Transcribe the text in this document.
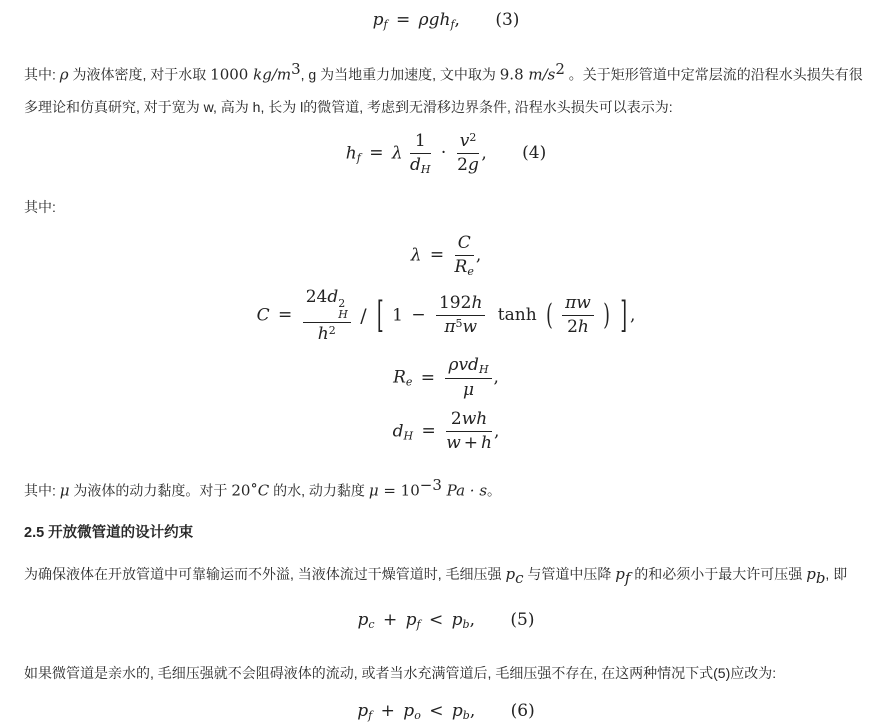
$p_f = \rho gh_f$, (3)

其中: ρ 为液体密度, 对于水取 1000 $kg/m^3$, g 为当地重力加速度, 文中取为 9.8 $m/s^2$ 。关于矩形管道中定常层流的沿程水头损失有很多理论和仿真研究, 对于宽为 w, 高为 h, 长为 l的微管道, 考虑到无滑移边界条件, 沿程水头损失可以表示为:

$h_f = \lambda \frac{1}{d_H} \cdot \frac{v^2}{2g}$ , (4)

其中:

$\lambda = \frac{C}{R_e}$ ,
C = 24d 2
H
$h^2$ / [ $1 - \frac{192h}{\pi^5w}$ tanh ( $\frac{\pi w}{2h}$ ) ] ,
$R_e = \frac{\rho vd_H}{\mu}$ ,
$d_H = \frac{2wh}{w + h}$ ,

其中: μ 为液体的动力黏度。对于 20∘C 的水, 动力黏度 $\mu = 10^{-3}$ Pa · s。

2.5 开放微管道的设计约束

为确保液体在开放管道中可靠输运而不外溢, 当液体流过干燥管道时, 毛细压强 $p_c$ 与管道中压降 $p_f$ 的和必须小于最大许可压强 $p_b$, 即

$p_c + p_f < p_b$, (5)

如果微管道是亲水的, 毛细压强就不会阻碍液体的流动, 或者当水充满管道后, 毛细压强不存在, 在这两种情况下式(5)应改为:

$p_f + p_o < p_b$, (6)
